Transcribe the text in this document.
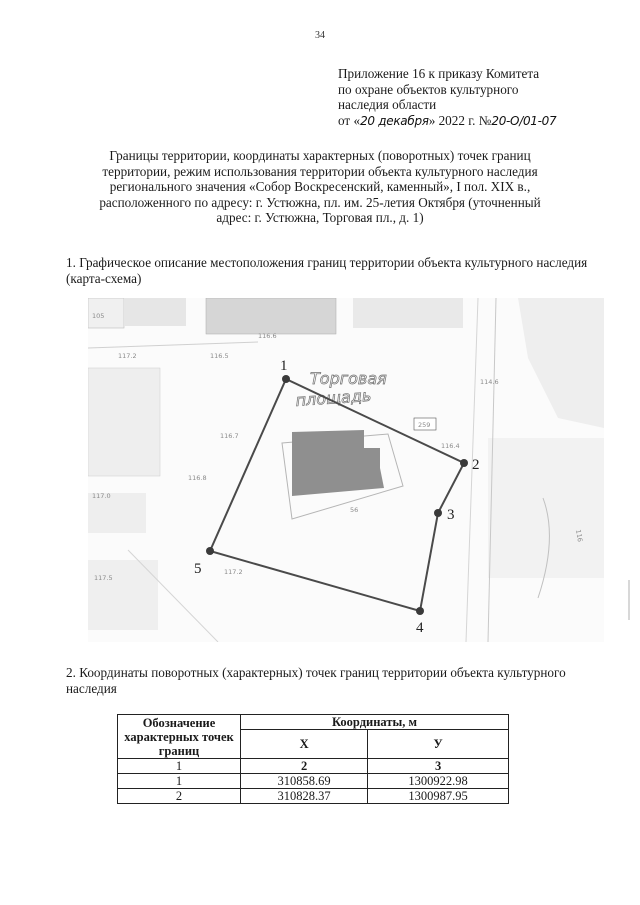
34
Приложение 16 к приказу Комитета
по охране объектов культурного
наследия области
от «20 декабря» 2022 г. №20-О/01-07
Границы территории, координаты характерных (поворотных) точек границ
территории, режим использования территории объекта культурного наследия
регионального значения «Собор Воскресенский, каменный», I пол. XIX в.,
расположенного по адресу: г. Устюжна, пл. им. 25-летия Октября (уточненный
адрес: г. Устюжна, Торговая пл., д. 1)
1. Графическое описание местоположения границ территории объекта культурного наследия (карта-схема)
Торговая
площадь
105
117.2
116.6
116.5
114.6
116.7
116.8
259
116.4
117.0
56
117.5
117.2
116
1
2
3
4
5
2. Координаты поворотных (характерных) точек границ территории объекта культурного наследия
Обозначение характерных точек границ	Координаты, м	
	X	У
1	2	3
1	310858.69	1300922.98
2	310828.37	1300987.95
